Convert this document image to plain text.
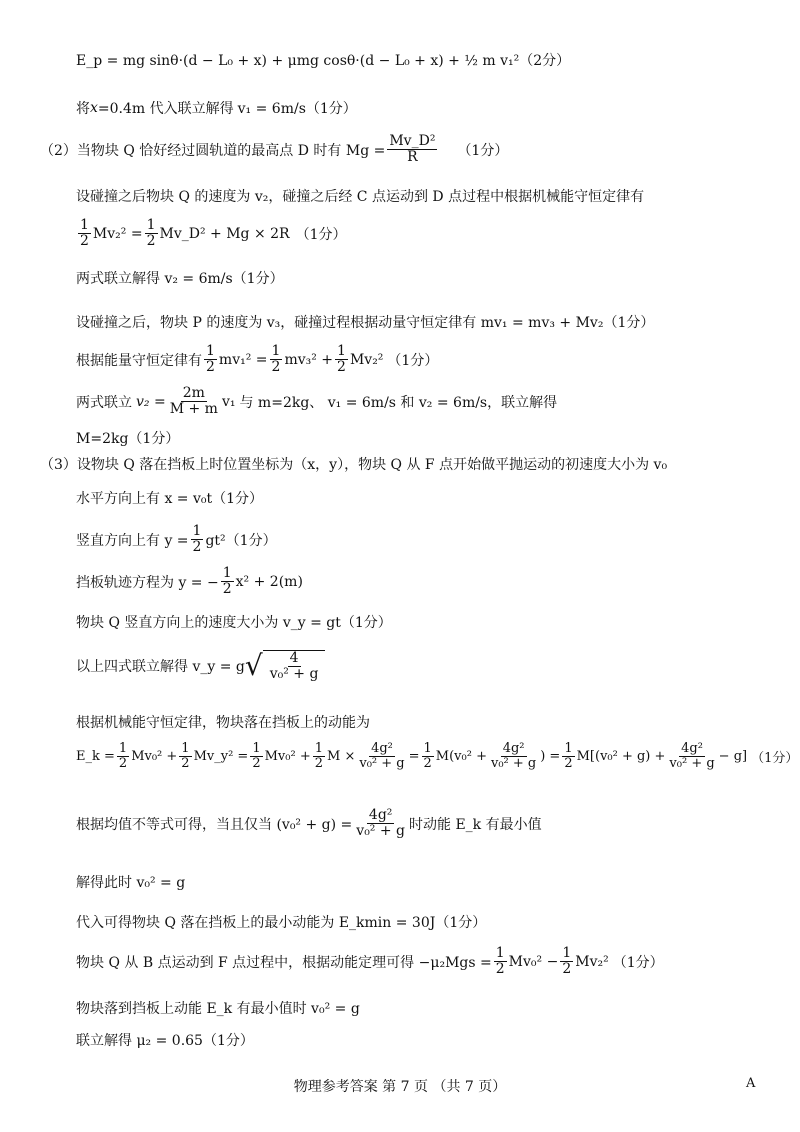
E_p = mg sinθ·(d − L₀ + x) + μmg cosθ·(d − L₀ + x) + ½ m v₁²（2分）
将 x =0.4m 代入联立解得 v₁ = 6m/s（1分）
（2）当物块 Q 恰好经过圆轨道的最高点 D 时有 $Mg = \frac{\text{Mv\_D²}}{R} (1$分）
设碰撞之后物块 Q 的速度为 v₂，碰撞之后经 C 点运动到 D 点过程中根据机械能守恒定律有
$\frac{1}{2} Mv_2^2 = \frac{1}{2}$ Mv_D² + Mg × 2R （1分）
两式联立解得 v₂ = 6m/s（1分）
设碰撞之后，物块 P 的速度为 v₃，碰撞过程根据动量守恒定律有 mv₁ = mv₃ + Mv₂（1分）
根据能量守恒定律有 $\frac{1}{2} mv_1^2 = \frac{1}{2} mv_3^2 + \frac{1}{2} Mv_2^2$ （1分）
两式联立 $v_2 = \frac{2m}{M + m} v_1$ 与 m=2kg、 v₁ = 6m/s 和 v₂ = 6m/s，联立解得
M=2kg（1分）
（3）设物块 Q 落在挡板上时位置坐标为（x，y），物块 Q 从 F 点开始做平抛运动的初速度大小为 v₀
水平方向上有 x = v₀t（1分）
竖直方向上有 $y = \frac{1}{2} gt^2(1$分）
挡板轨迹方程为 y = − $\frac{1}{2} x^2 + 2(m)$
物块 Q 竖直方向上的速度大小为 v_y = gt（1分）
以上四式联立解得 v_y = g √ $\frac{4}{\text{v₀² + g}}$
根据机械能守恒定律，物块落在挡板上的动能为
E_k = $\frac{1}{2} Mv_0^2 + \frac{1}{2}$ Mv_y² = $\frac{1}{2} Mv_0^2 + \frac{1}{2}$ $M \times \frac{\text{4g²}}{\text{v₀² + g}} = \frac{1}{2} M(v_0^2 + \frac{\text{4g²}}{\text{v₀² + g}}$ ) = $\frac{1}{2} M[(v_0^2 + g) + \frac{\text{4g²}}{\text{v₀² + g}} - g]$ （1分）
根据均值不等式可得，当且仅当 $(v_0^2 + g) = \frac{\text{4g²}}{\text{v₀² + g}}$ 时动能 E_k 有最小值
解得此时 v₀² = g
代入可得物块 Q 落在挡板上的最小动能为 E_kmin = 30J（1分）
物块 Q 从 B 点运动到 F 点过程中，根据动能定理可得 $-\mu_2Mgs = \frac{1}{2} Mv_0^2 - \frac{1}{2} Mv_2^2$ （1分）
物块落到挡板上动能 E_k 有最小值时 v₀² = g
联立解得 μ₂ = 0.65（1分）
物理参考答案 第 7 页 （共 7 页）	A
